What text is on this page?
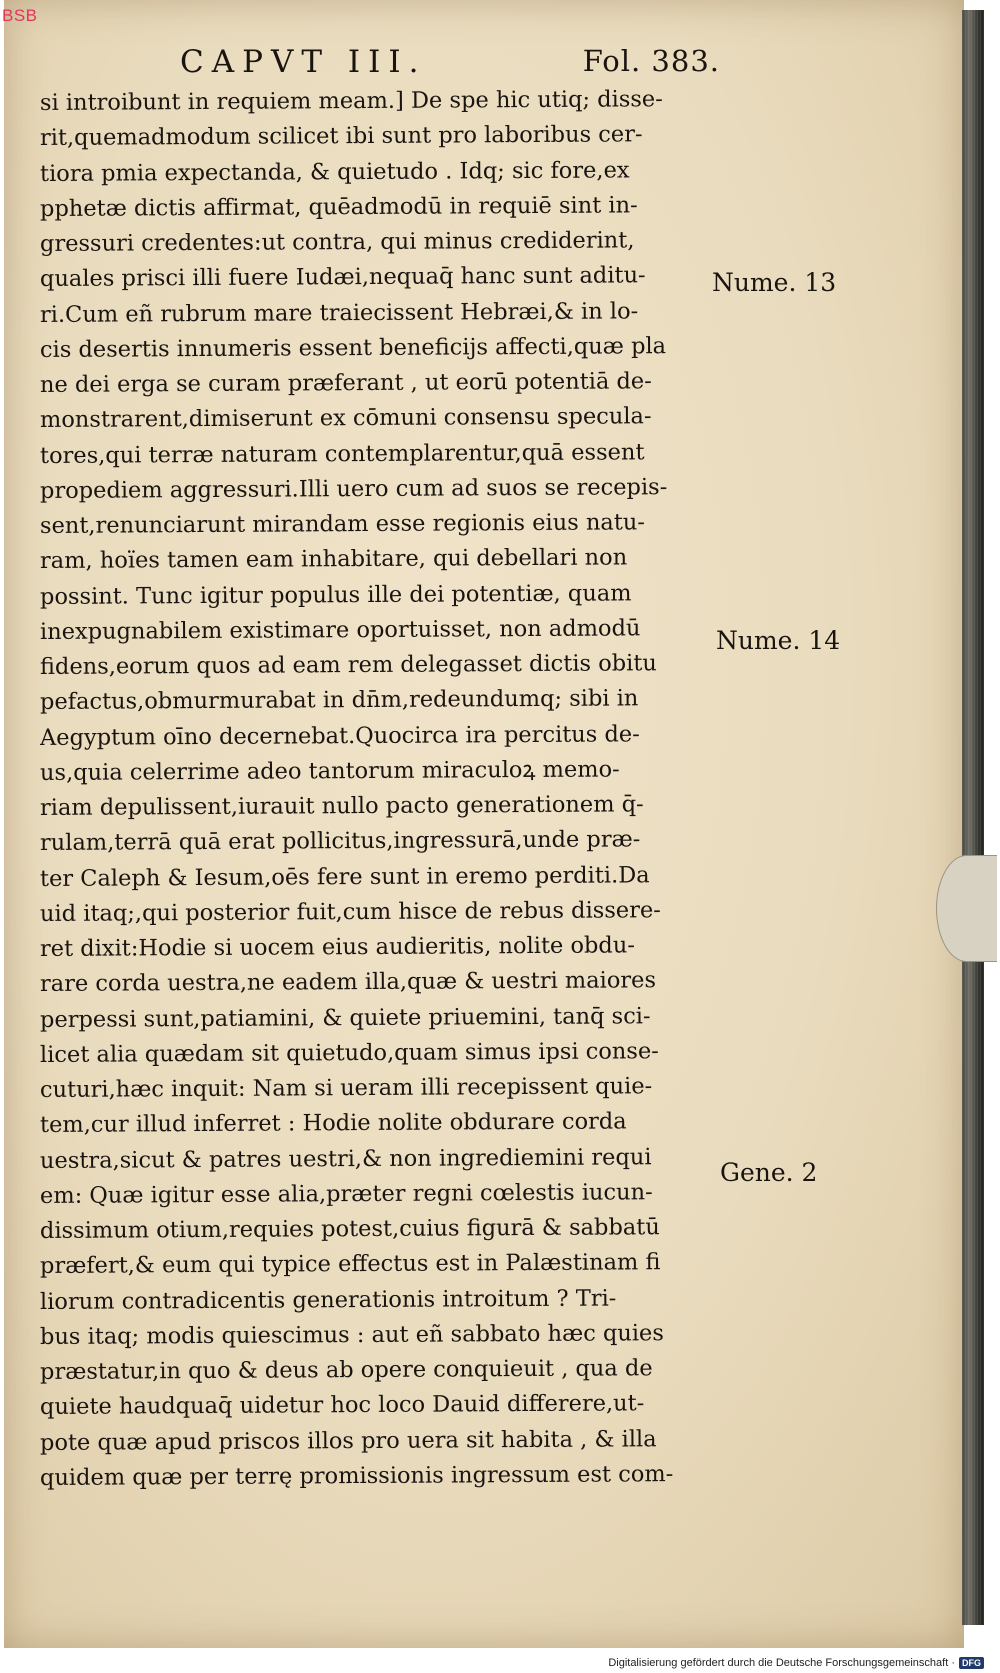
BSB
CAPVT III.	Fol. 383.
si introibunt in requiem meam.] De spe hic utiq; disse-
rit,quemadmodum scilicet ibi sunt pro laboribus cer-
tiora pmia expectanda, & quietudo . Idq; sic fore,ex
pphetæ dictis affirmat, quēadmodū in requiē sint in-
gressuri credentes:ut contra, qui minus crediderint,
quales prisci illi fuere Iudæi,nequaq̄ hanc sunt aditu-
ri.Cum eñ rubrum mare traiecissent Hebræi,& in lo-
cis desertis innumeris essent beneficijs affecti,quæ pla
ne dei erga se curam præferant , ut eorū potentiā de-
monstrarent,dimiserunt ex cōmuni consensu specula-
tores,qui terræ naturam contemplarentur,quā essent
propediem aggressuri.Illi uero cum ad suos se recepis-
sent,renunciarunt mirandam esse regionis eius natu-
ram, hoïes tamen eam inhabitare, qui debellari non
possint. Tunc igitur populus ille dei potentiæ, quam
inexpugnabilem existimare oportuisset, non admodū
fidens,eorum quos ad eam rem delegasset dictis obitu
pefactus,obmurmurabat in dn̄m,redeundumq; sibi in
Aegyptum oīno decernebat.Quocirca ira percitus de-
us,quia celerrime adeo tantorum miraculoꝝ memo-
riam depulissent,iurauit nullo pacto generationem q̄-
rulam,terrā quā erat pollicitus,ingressurā,unde præ-
ter Caleph & Iesum,oēs fere sunt in eremo perditi.Da
uid itaq;,qui posterior fuit,cum hisce de rebus dissere-
ret dixit:Hodie si uocem eius audieritis, nolite obdu-
rare corda uestra,ne eadem illa,quæ & uestri maiores
perpessi sunt,patiamini, & quiete priuemini, tanq̄ sci-
licet alia quædam sit quietudo,quam simus ipsi conse-
cuturi,hæc inquit: Nam si ueram illi recepissent quie-
tem,cur illud inferret : Hodie nolite obdurare corda
uestra,sicut & patres uestri,& non ingrediemini requi
em: Quæ igitur esse alia,præter regni cœlestis iucun-
dissimum otium,requies potest,cuius figurā & sabbatū
præfert,& eum qui typice effectus est in Palæstinam fi
liorum contradicentis generationis introitum ? Tri-
bus itaq; modis quiescimus : aut eñ sabbato hæc quies
præstatur,in quo & deus ab opere conquieuit , qua de
quiete haudquaq̄ uidetur hoc loco Dauid differere,ut-
pote quæ apud priscos illos pro uera sit habita , & illa
quidem quæ per terrę promissionis ingressum est com-
Nume. 13
Nume. 14
Gene. 2
Digitalisierung gefördert durch die Deutsche Forschungsgemeinschaft · DFG
